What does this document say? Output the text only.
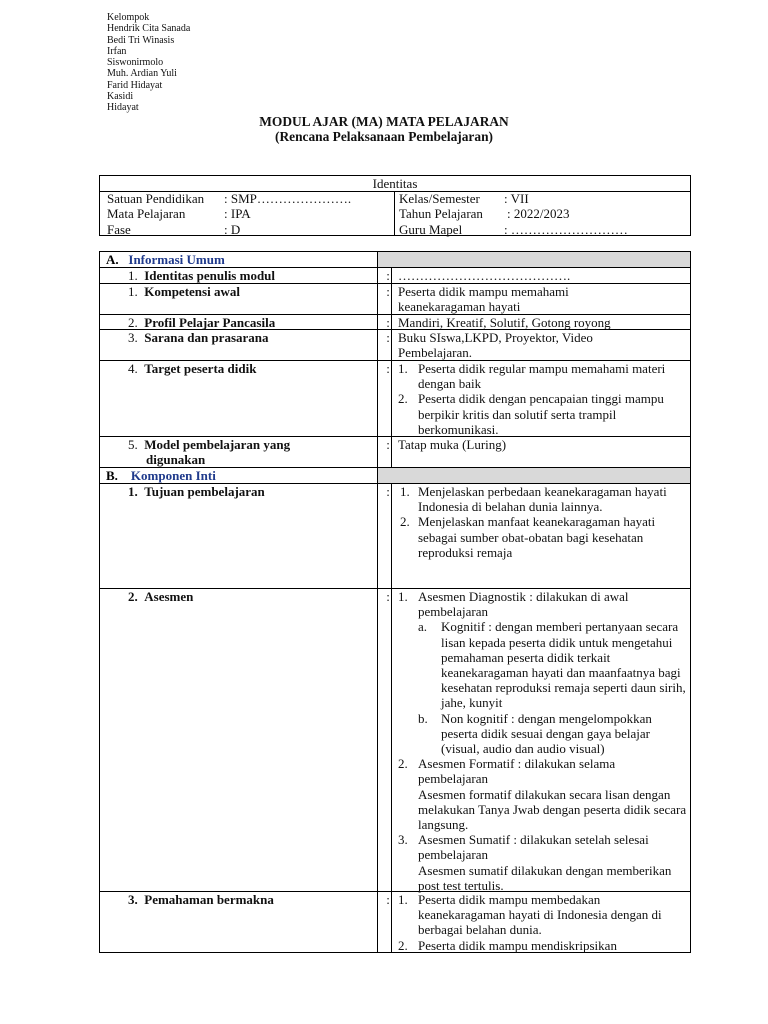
Kelompok
Hendrik Cita Sanada
Bedi Tri Winasis
Irfan
Siswonirmolo
Muh. Ardian Yuli
Farid Hidayat
Kasidi
Hidayat
MODUL AJAR (MA) MATA PELAJARAN
(Rencana Pelaksanaan Pembelajaran)
Identitas
Satuan Pendidikan : SMP………………….
Mata Pelajaran	: IPA
Fase	: D
Kelas/Semester : VII
Tahun Pelajaran : 2022/2023
Guru Mapel	: ………………………
A. Informasi Umum
1. Identitas penulis modul	: ………………………………….
1. Kompetensi awal	: Peserta didik mampu memahami keanekaragaman hayati
2. Profil Pelajar Pancasila	: Mandiri, Kreatif, Solutif, Gotong royong
3. Sarana dan prasarana	: Buku SIswa,LKPD, Proyektor, Video Pembelajaran.
4. Target peserta didik	: 1. Peserta didik regular mampu memahami materi dengan baik
2. Peserta didik dengan pencapaian tinggi mampu berpikir kritis dan solutif serta trampil berkomunikasi.
5. Model pembelajaran yang
digunakan
: Tatap muka (Luring)
B. Komponen Inti
1. Tujuan pembelajaran	: 1. Menjelaskan perbedaan keanekaragaman hayati Indonesia di belahan dunia lainnya.
2. Menjelaskan manfaat keanekaragaman hayati sebagai sumber obat-obatan bagi kesehatan reproduksi remaja
2. Asesmen	: 1. Asesmen Diagnostik : dilakukan di awal pembelajaran
a. Kognitif : dengan memberi pertanyaan secara lisan kepada peserta didik untuk mengetahui pemahaman peserta didik terkait keanekaragaman hayati dan maanfaatnya bagi kesehatan reproduksi remaja seperti daun sirih, jahe, kunyit
b. Non kognitif : dengan mengelompokkan peserta didik sesuai dengan gaya belajar (visual, audio dan audio visual)
2. Asesmen Formatif : dilakukan selama pembelajaran
Asesmen formatif dilakukan secara lisan dengan melakukan Tanya Jwab dengan peserta didik secara langsung.
3. Asesmen Sumatif : dilakukan setelah selesai pembelajaran
Asesmen sumatif dilakukan dengan memberikan post test tertulis.
3. Pemahaman bermakna	: 1. Peserta didik mampu membedakan keanekaragaman hayati di Indonesia dengan di berbagai belahan dunia.
2. Peserta didik mampu mendiskripsikan
